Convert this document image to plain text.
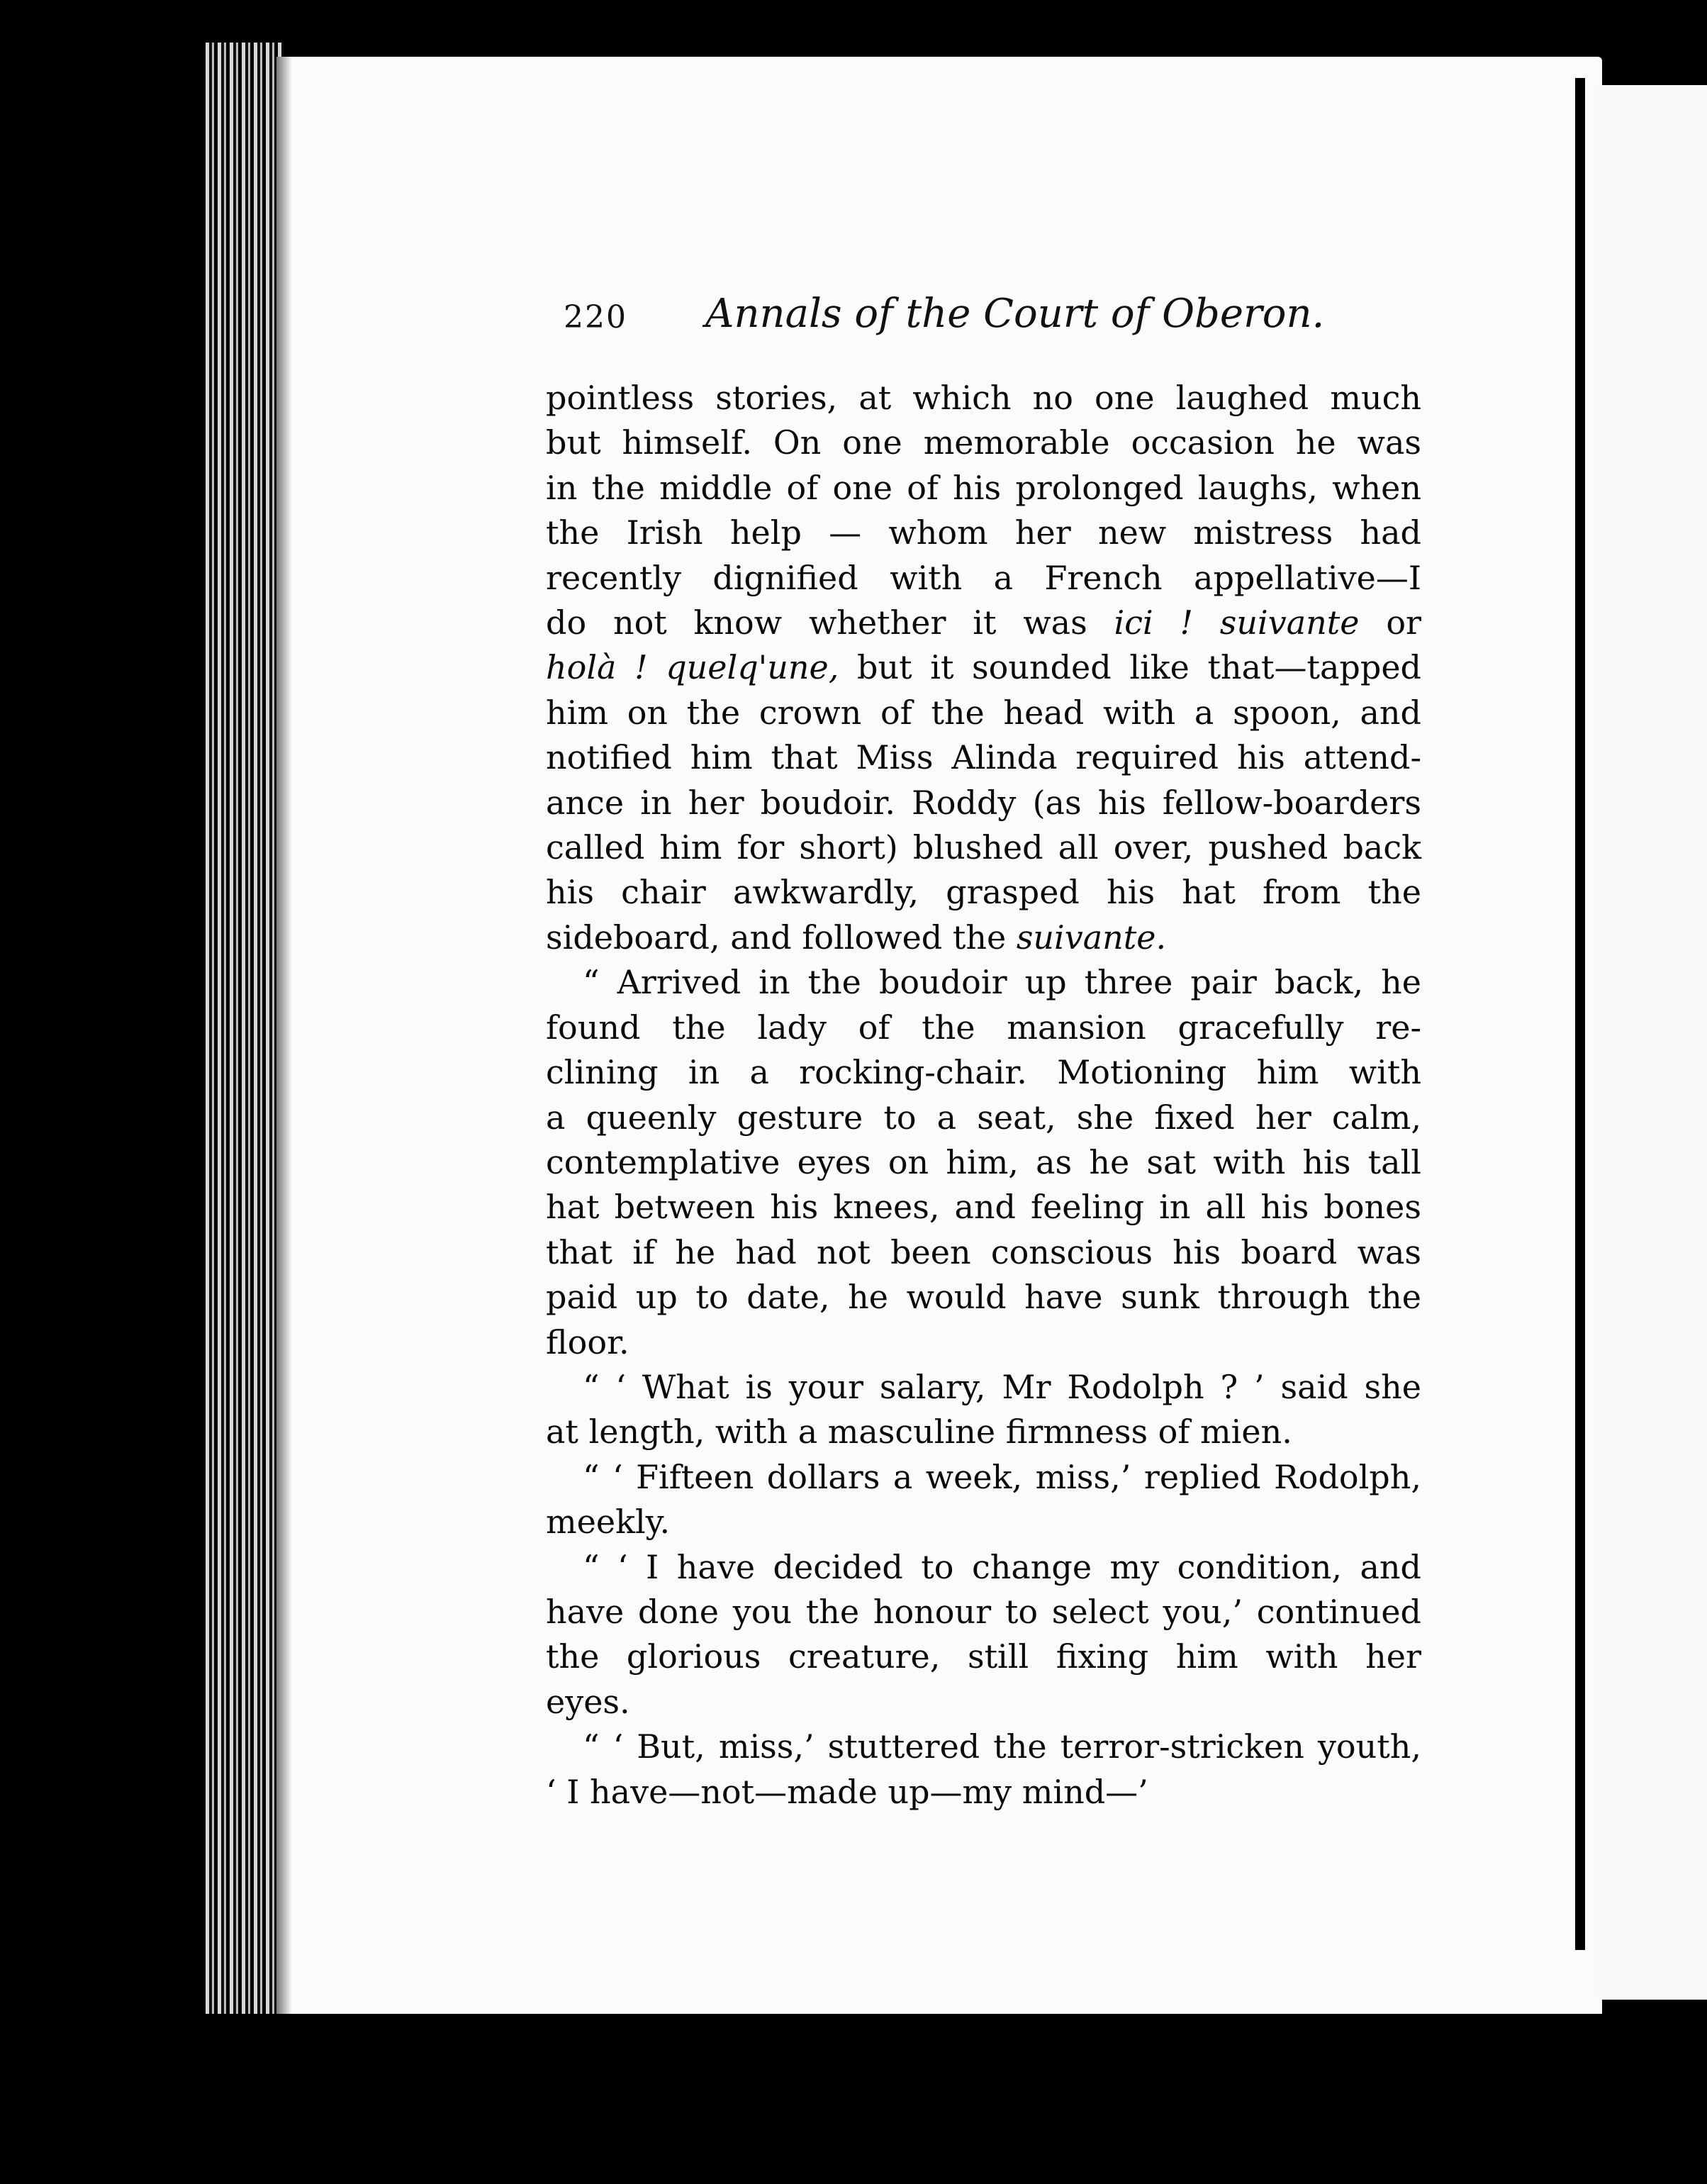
220 Annals of the Court of Oberon.
pointless stories, at which no one laughed much
but himself. On one memorable occasion he was
in the middle of one of his prolonged laughs, when
the Irish help — whom her new mistress had
recently dignified with a French appellative—I
do not know whether it was ici ! suivante or
holà ! quelq'une, but it sounded like that—tapped
him on the crown of the head with a spoon, and
notified him that Miss Alinda required his attend-
ance in her boudoir. Roddy (as his fellow-boarders
called him for short) blushed all over, pushed back
his chair awkwardly, grasped his hat from the
sideboard, and followed the suivante.
“ Arrived in the boudoir up three pair back, he
found the lady of the mansion gracefully re-
clining in a rocking-chair. Motioning him with
a queenly gesture to a seat, she fixed her calm,
contemplative eyes on him, as he sat with his tall
hat between his knees, and feeling in all his bones
that if he had not been conscious his board was
paid up to date, he would have sunk through the
floor.
“ ‘ What is your salary, Mr Rodolph ? ’ said she
at length, with a masculine firmness of mien.
“ ‘ Fifteen dollars a week, miss,’ replied Rodolph,
meekly.
“ ‘ I have decided to change my condition, and
have done you the honour to select you,’ continued
the glorious creature, still fixing him with her
eyes.
“ ‘ But, miss,’ stuttered the terror-stricken youth,
‘ I have—not—made up—my mind—’
